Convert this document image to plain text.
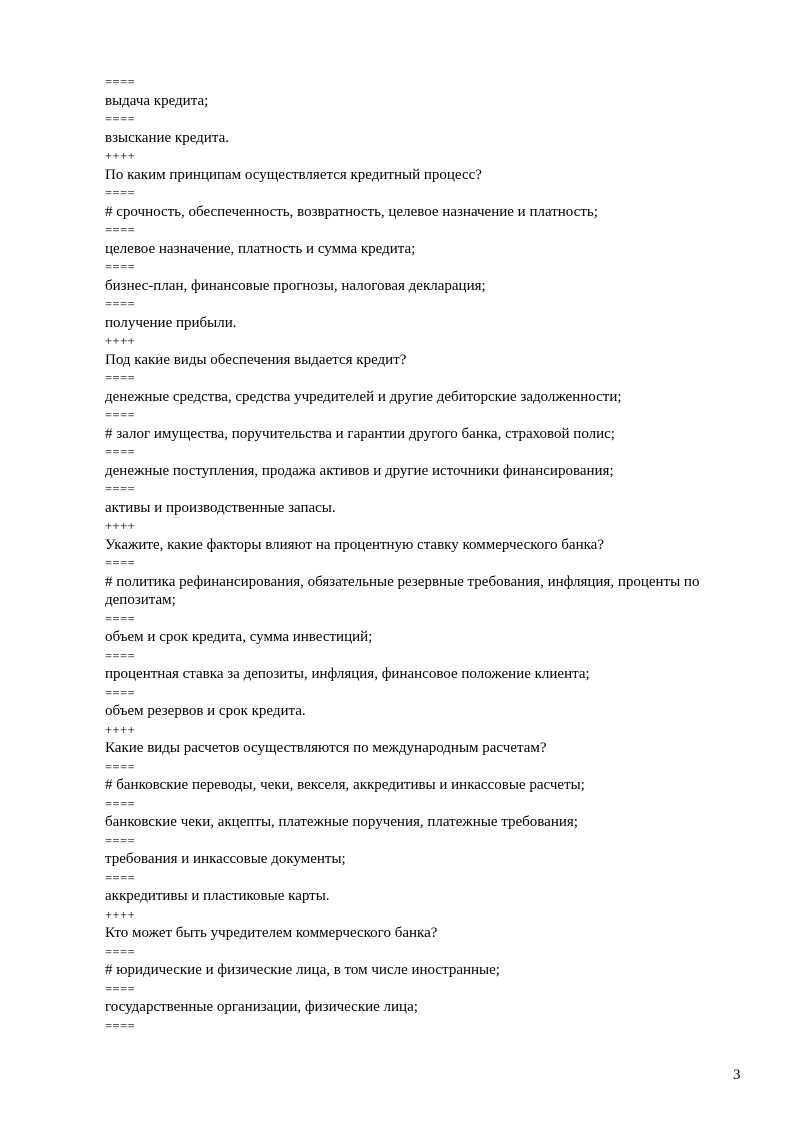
====
выдача кредита;
====
взыскание кредита.
++++
По каким принципам осуществляется кредитный процесс?
====
# срочность, обеспеченность, возвратность, целевое назначение и платность;
====
целевое назначение, платность и сумма кредита;
====
бизнес-план, финансовые прогнозы, налоговая декларация;
====
получение прибыли.
++++
Под какие виды обеспечения выдается кредит?
====
денежные средства, средства учредителей и другие дебиторские задолженности;
====
# залог имущества, поручительства и гарантии другого банка, страховой полис;
====
денежные поступления, продажа активов и другие источники финансирования;
====
активы и производственные запасы.
++++
Укажите, какие факторы влияют на процентную ставку коммерческого банка?
====
# политика рефинансирования, обязательные резервные требования, инфляция, проценты по депозитам;
====
объем и срок кредита, сумма инвестиций;
====
процентная ставка за депозиты, инфляция, финансовое положение клиента;
====
объем резервов и срок кредита.
++++
Какие виды расчетов осуществляются по международным расчетам?
====
# банковские переводы, чеки, векселя, аккредитивы и инкассовые расчеты;
====
банковские чеки, акцепты, платежные поручения, платежные требования;
====
требования и инкассовые документы;
====
аккредитивы и пластиковые карты.
++++
Кто может быть учредителем коммерческого банка?
====
# юридические и физические лица, в том числе иностранные;
====
государственные организации, физические лица;
====
3
